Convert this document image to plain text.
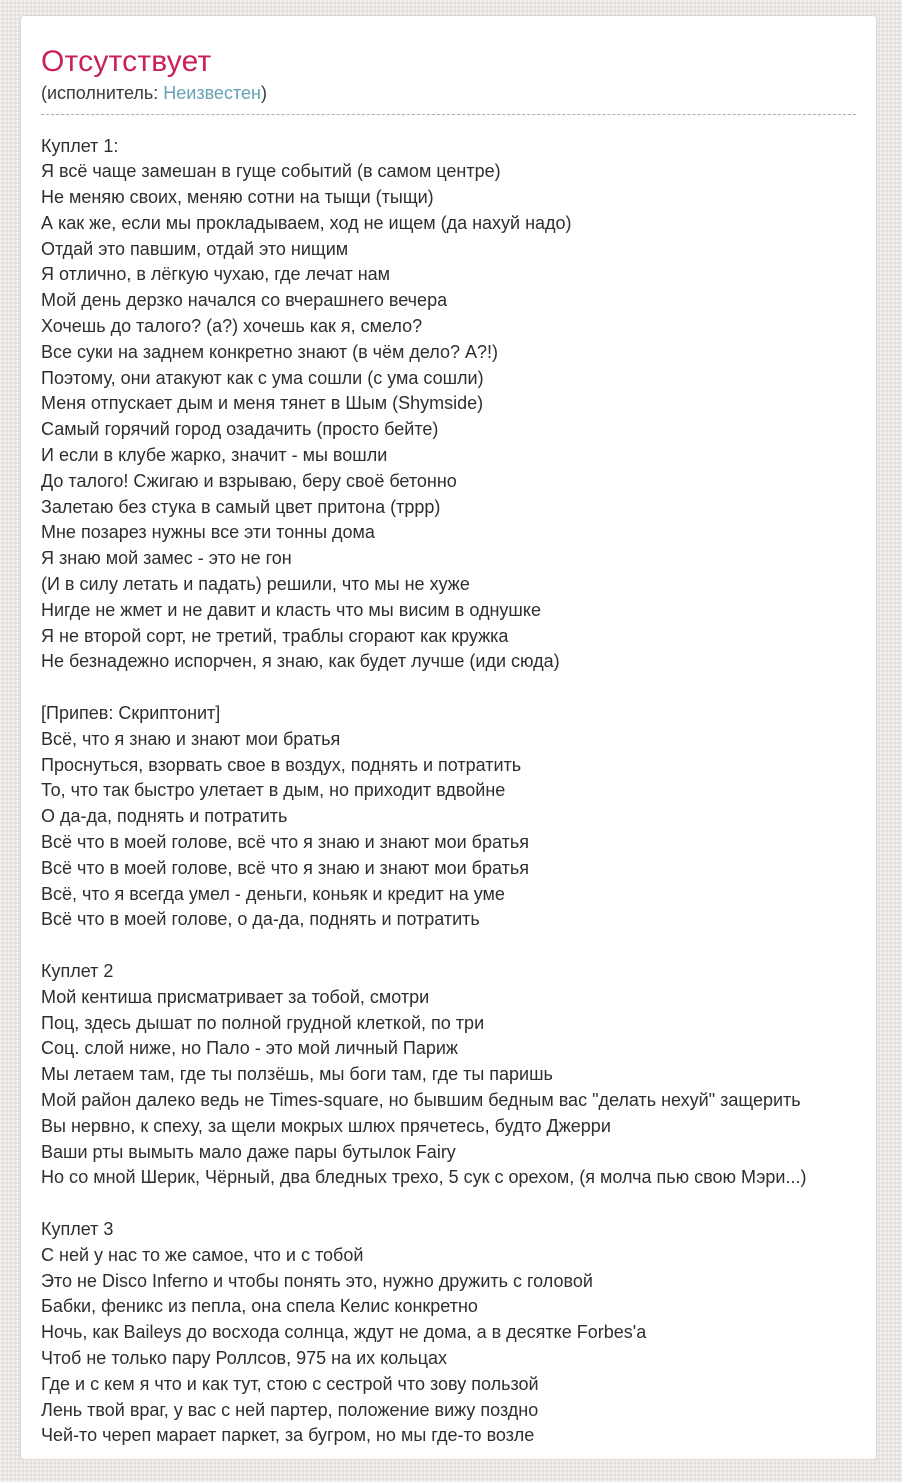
Отсутствует
(исполнитель: Неизвестен)
Куплет 1:
Я всё чаще замешан в гуще событий (в самом центре)
Не меняю своих, меняю сотни на тыщи (тыщи)
А как же, если мы прокладываем, ход не ищем (да нахуй надо)
Отдай это павшим, отдай это нищим
Я отлично, в лёгкую чухаю, где лечат нам
Мой день дерзко начался со вчерашнего вечера
Хочешь до талого? (а?) хочешь как я, смело?
Все суки на заднем конкретно знают (в чём дело? А?!)
Поэтому, они атакуют как с ума сошли (с ума сошли)
Меня отпускает дым и меня тянет в Шым (Shymside)
Самый горячий город озадачить (просто бейте)
И если в клубе жарко, значит - мы вошли
До талого! Сжигаю и взрываю, беру своё бетонно
Залетаю без стука в самый цвет притона (тррр)
Мне позарез нужны все эти тонны дома
Я знаю мой замес - это не гон
(И в силу летать и падать) решили, что мы не хуже
Нигде не жмет и не давит и класть что мы висим в однушке
Я не второй сорт, не третий, траблы сгорают как кружка
Не безнадежно испорчен, я знаю, как будет лучше (иди сюда)

[Припев: Скриптонит]
Всё, что я знаю и знают мои братья
Проснуться, взорвать свое в воздух, поднять и потратить
То, что так быстро улетает в дым, но приходит вдвойне
О да-да, поднять и потратить
Всё что в моей голове, всё что я знаю и знают мои братья
Всё что в моей голове, всё что я знаю и знают мои братья
Всё, что я всегда умел - деньги, коньяк и кредит на уме
Всё что в моей голове, о да-да, поднять и потратить

Куплет 2
Мой кентиша присматривает за тобой, смотри
Поц, здесь дышат по полной грудной клеткой, по три
Соц. слой ниже, но Пало - это мой личный Париж
Мы летаем там, где ты ползёшь, мы боги там, где ты паришь
Мой район далеко ведь не Times-square, но бывшим бедным вас "делать нехуй" защерить
Вы нервно, к спеху, за щели мокрых шлюх прячетесь, будто Джерри
Ваши рты вымыть мало даже пары бутылок Fairy
Но со мной Шерик, Чёрный, два бледных трехо, 5 сук с орехом, (я молча пью свою Мэри...)

Куплет 3
С ней у нас то же самое, что и с тобой
Это не Disco Inferno и чтобы понять это, нужно дружить с головой
Бабки, феникс из пепла, она спела Келис конкретно
Ночь, как Baileys до восхода солнца, ждут не дома, а в десятке Forbes'a
Чтоб не только пару Роллсов, 975 на их кольцах
Где и с кем я что и как тут, стою с сестрой что зову пользой
Лень твой враг, у вас с ней партер, положение вижу поздно
Чей-то череп марает паркет, за бугром, но мы где-то возле
